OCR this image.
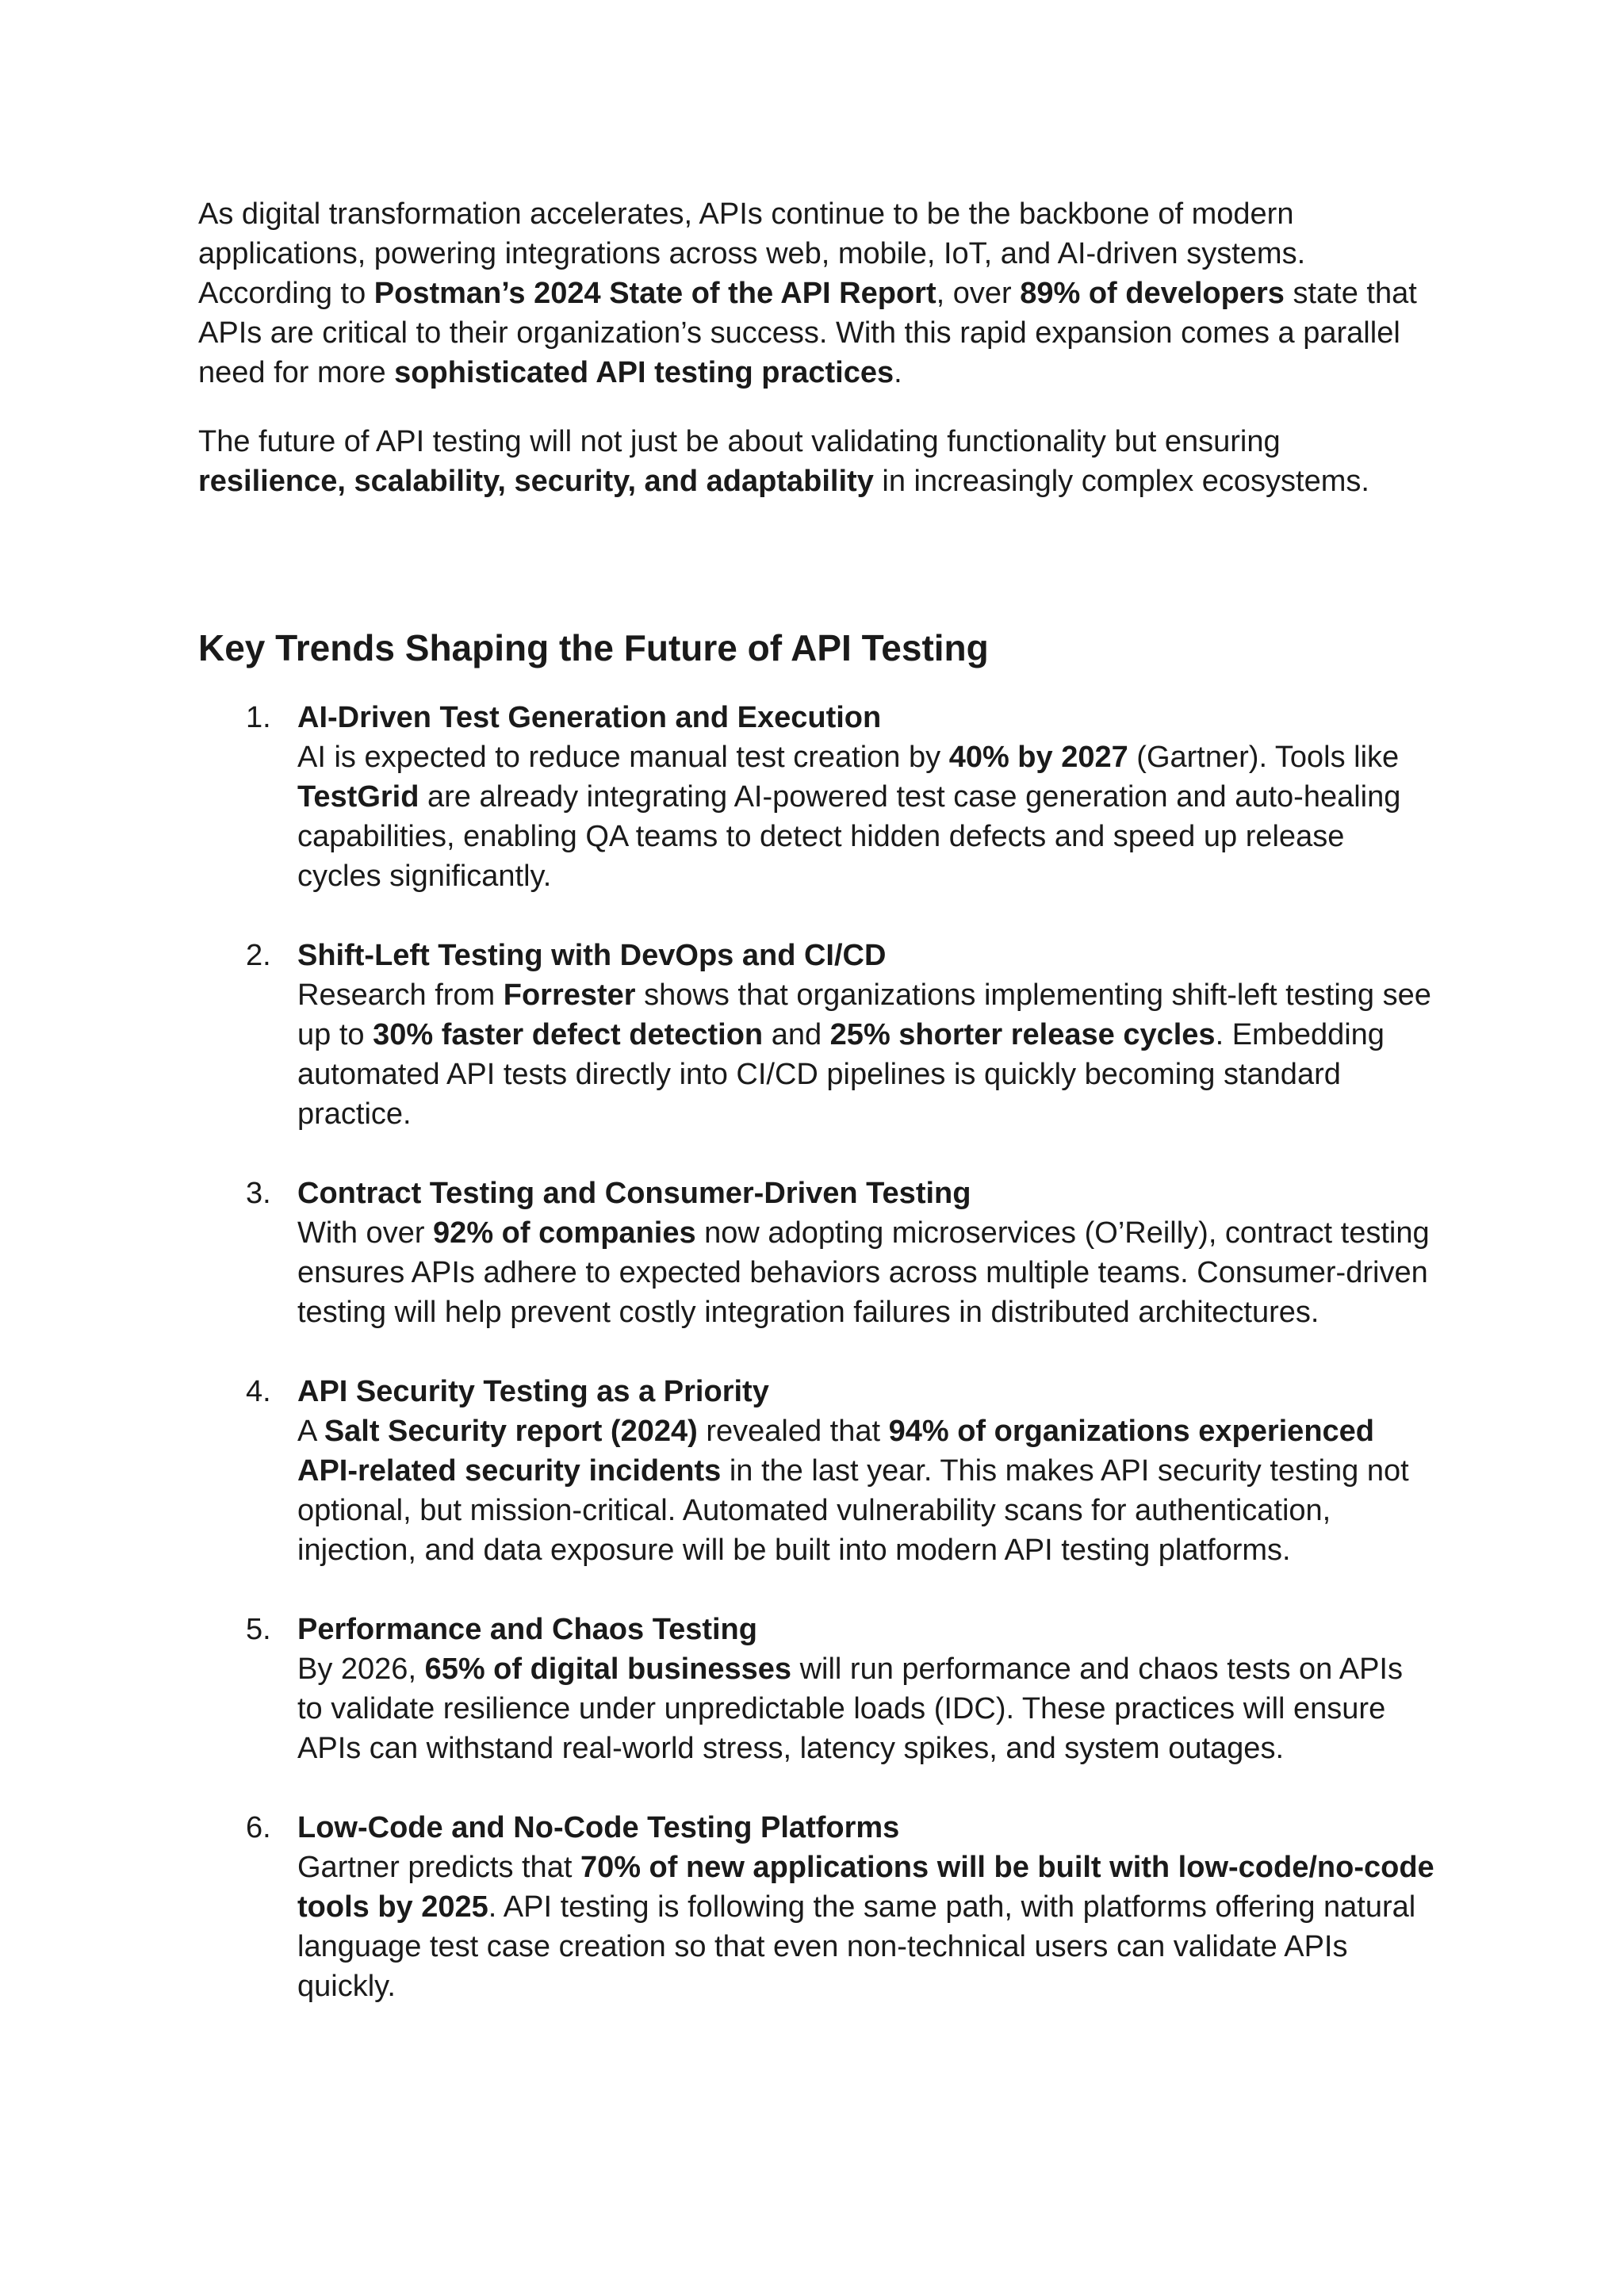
As digital transformation accelerates, APIs continue to be the backbone of modern applications, powering integrations across web, mobile, IoT, and AI-driven systems. According to Postman’s 2024 State of the API Report, over 89% of developers state that APIs are critical to their organization’s success. With this rapid expansion comes a parallel need for more sophisticated API testing practices.

The future of API testing will not just be about validating functionality but ensuring resilience, scalability, security, and adaptability in increasingly complex ecosystems.

Key Trends Shaping the Future of API Testing
1. AI-Driven Test Generation and Execution
AI is expected to reduce manual test creation by 40% by 2027 (Gartner). Tools like TestGrid are already integrating AI-powered test case generation and auto-healing capabilities, enabling QA teams to detect hidden defects and speed up release cycles significantly.
2. Shift-Left Testing with DevOps and CI/CD
Research from Forrester shows that organizations implementing shift-left testing see up to 30% faster defect detection and 25% shorter release cycles. Embedding automated API tests directly into CI/CD pipelines is quickly becoming standard practice.
3. Contract Testing and Consumer-Driven Testing
With over 92% of companies now adopting microservices (O’Reilly), contract testing ensures APIs adhere to expected behaviors across multiple teams. Consumer-driven testing will help prevent costly integration failures in distributed architectures.
4. API Security Testing as a Priority
A Salt Security report (2024) revealed that 94% of organizations experienced API-related security incidents in the last year. This makes API security testing not optional, but mission-critical. Automated vulnerability scans for authentication, injection, and data exposure will be built into modern API testing platforms.
5. Performance and Chaos Testing
By 2026, 65% of digital businesses will run performance and chaos tests on APIs to validate resilience under unpredictable loads (IDC). These practices will ensure APIs can withstand real-world stress, latency spikes, and system outages.
6. Low-Code and No-Code Testing Platforms
Gartner predicts that 70% of new applications will be built with low-code/no-code tools by 2025. API testing is following the same path, with platforms offering natural language test case creation so that even non-technical users can validate APIs quickly.
